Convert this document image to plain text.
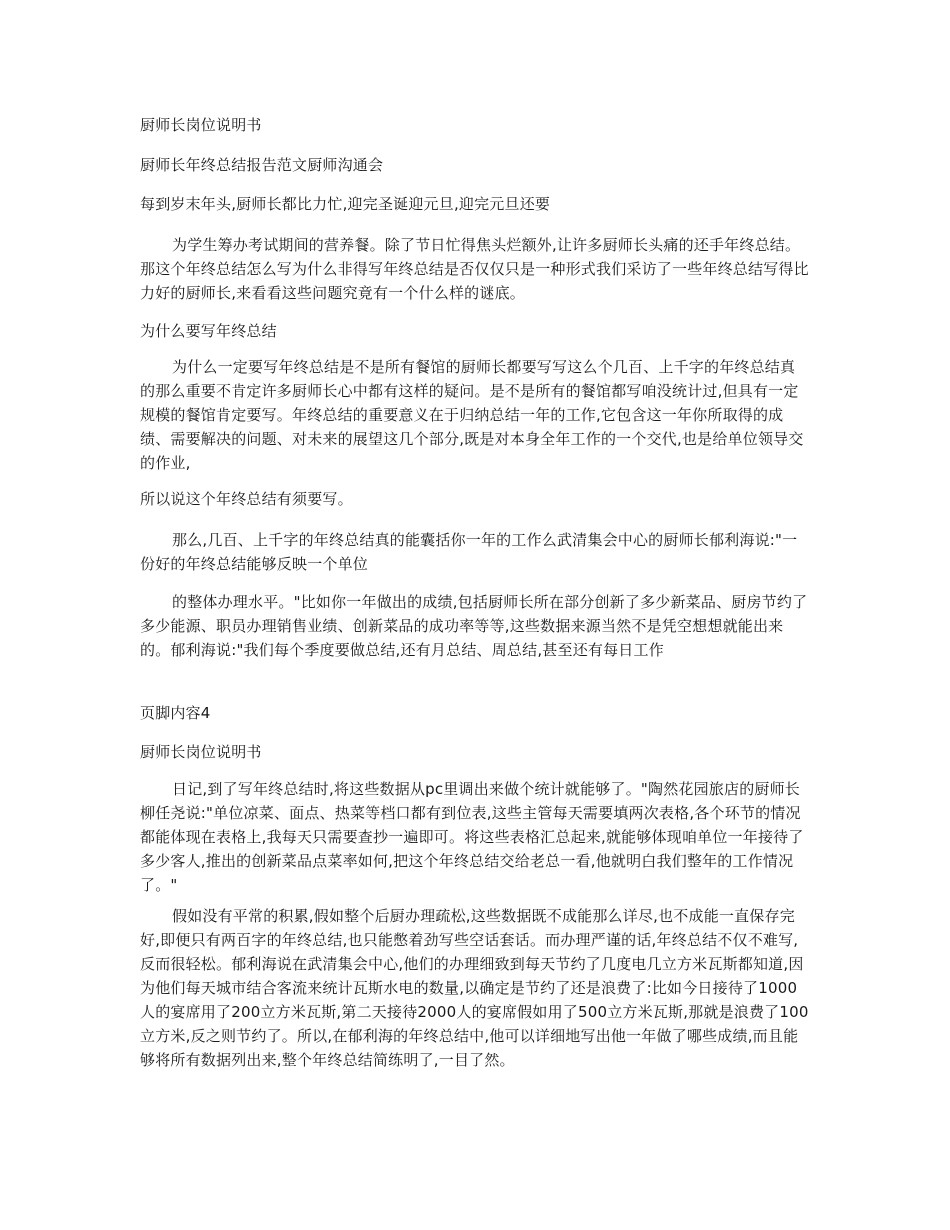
厨师长岗位说明书

厨师长年终总结报告范文厨师沟通会

每到岁末年头,厨师长都比力忙,迎完圣诞迎元旦,迎完元旦还要

为学生筹办考试期间的营养餐。除了节日忙得焦头烂额外,让许多厨师长头痛的还手年终总结。那这个年终总结怎么写为什么非得写年终总结是否仅仅只是一种形式我们采访了一些年终总结写得比力好的厨师长,来看看这些问题究竟有一个什么样的谜底。

为什么要写年终总结

为什么一定要写年终总结是不是所有餐馆的厨师长都要写写这么个几百、上千字的年终总结真的那么重要不肯定许多厨师长心中都有这样的疑问。是不是所有的餐馆都写咱没统计过,但具有一定规模的餐馆肯定要写。年终总结的重要意义在于归纳总结一年的工作,它包含这一年你所取得的成绩、需要解决的问题、对未来的展望这几个部分,既是对本身全年工作的一个交代,也是给单位领导交的作业,

所以说这个年终总结有须要写。

那么,几百、上千字的年终总结真的能囊括你一年的工作么武清集会中心的厨师长郁利海说:"一份好的年终总结能够反映一个单位

的整体办理水平。"比如你一年做出的成绩,包括厨师长所在部分创新了多少新菜品、厨房节约了多少能源、职员办理销售业绩、创新菜品的成功率等等,这些数据来源当然不是凭空想想就能出来的。郁利海说:"我们每个季度要做总结,还有月总结、周总结,甚至还有每日工作

页脚内容4

厨师长岗位说明书

日记,到了写年终总结时,将这些数据从pc里调出来做个统计就能够了。"陶然花园旅店的厨师长柳任尧说:"单位凉菜、面点、热菜等档口都有到位表,这些主管每天需要填两次表格,各个环节的情况都能体现在表格上,我每天只需要查抄一遍即可。将这些表格汇总起来,就能够体现咱单位一年接待了多少客人,推出的创新菜品点菜率如何,把这个年终总结交给老总一看,他就明白我们整年的工作情况了。"

假如没有平常的积累,假如整个后厨办理疏松,这些数据既不成能那么详尽,也不成能一直保存完好,即便只有两百字的年终总结,也只能憋着劲写些空话套话。而办理严谨的话,年终总结不仅不难写,反而很轻松。郁利海说在武清集会中心,他们的办理细致到每天节约了几度电几立方米瓦斯都知道,因为他们每天城市结合客流来统计瓦斯水电的数量,以确定是节约了还是浪费了:比如今日接待了1000人的宴席用了200立方米瓦斯,第二天接待2000人的宴席假如用了500立方米瓦斯,那就是浪费了100立方米,反之则节约了。所以,在郁利海的年终总结中,他可以详细地写出他一年做了哪些成绩,而且能够将所有数据列出来,整个年终总结简练明了,一目了然。
